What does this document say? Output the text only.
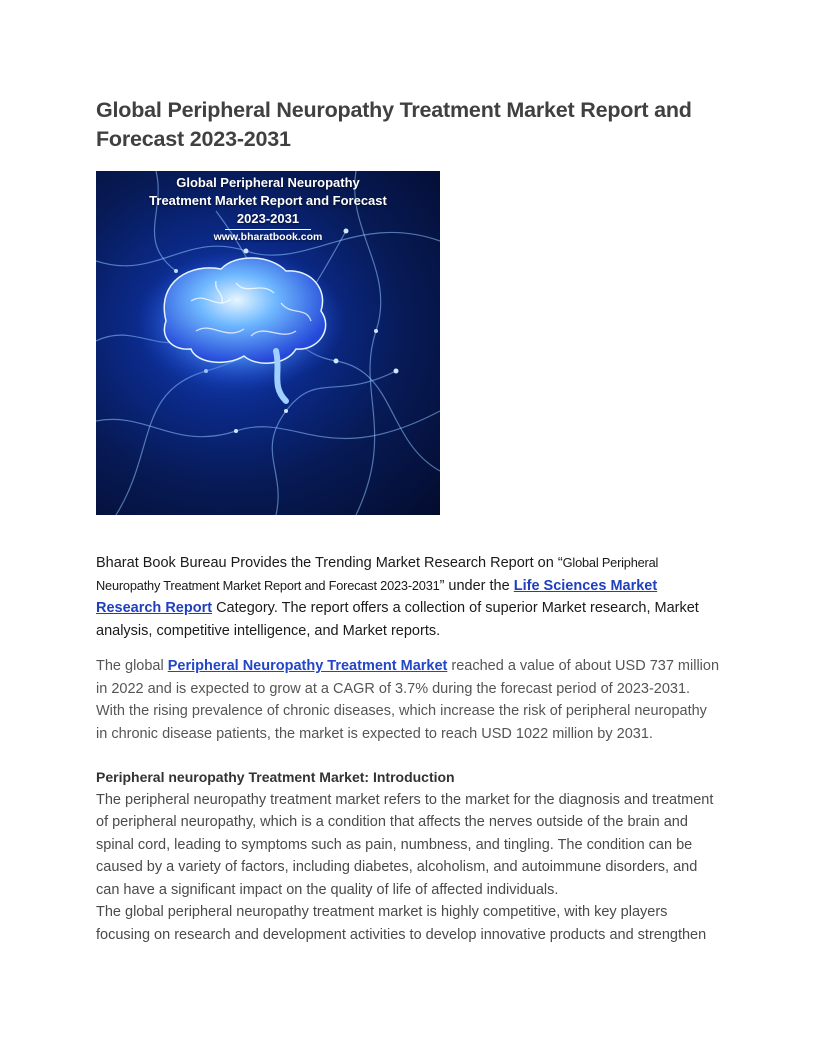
Global Peripheral Neuropathy Treatment Market Report and Forecast 2023-2031
Global Peripheral Neuropathy
Treatment Market Report and Forecast
2023-2031
www.bharatbook.com

Bharat Book Bureau Provides the Trending Market Research Report on “Global Peripheral Neuropathy Treatment Market Report and Forecast 2023-2031” under the Life Sciences Market Research Report Category. The report offers a collection of superior Market research, Market analysis, competitive intelligence, and Market reports.

The global Peripheral Neuropathy Treatment Market reached a value of about USD 737 million in 2022 and is expected to grow at a CAGR of 3.7% during the forecast period of 2023-2031. With the rising prevalence of chronic diseases, which increase the risk of peripheral neuropathy in chronic disease patients, the market is expected to reach USD 1022 million by 2031.

Peripheral neuropathy Treatment Market: Introduction

The peripheral neuropathy treatment market refers to the market for the diagnosis and treatment of peripheral neuropathy, which is a condition that affects the nerves outside of the brain and spinal cord, leading to symptoms such as pain, numbness, and tingling. The condition can be caused by a variety of factors, including diabetes, alcoholism, and autoimmune disorders, and can have a significant impact on the quality of life of affected individuals.

The global peripheral neuropathy treatment market is highly competitive, with key players focusing on research and development activities to develop innovative products and strengthen
